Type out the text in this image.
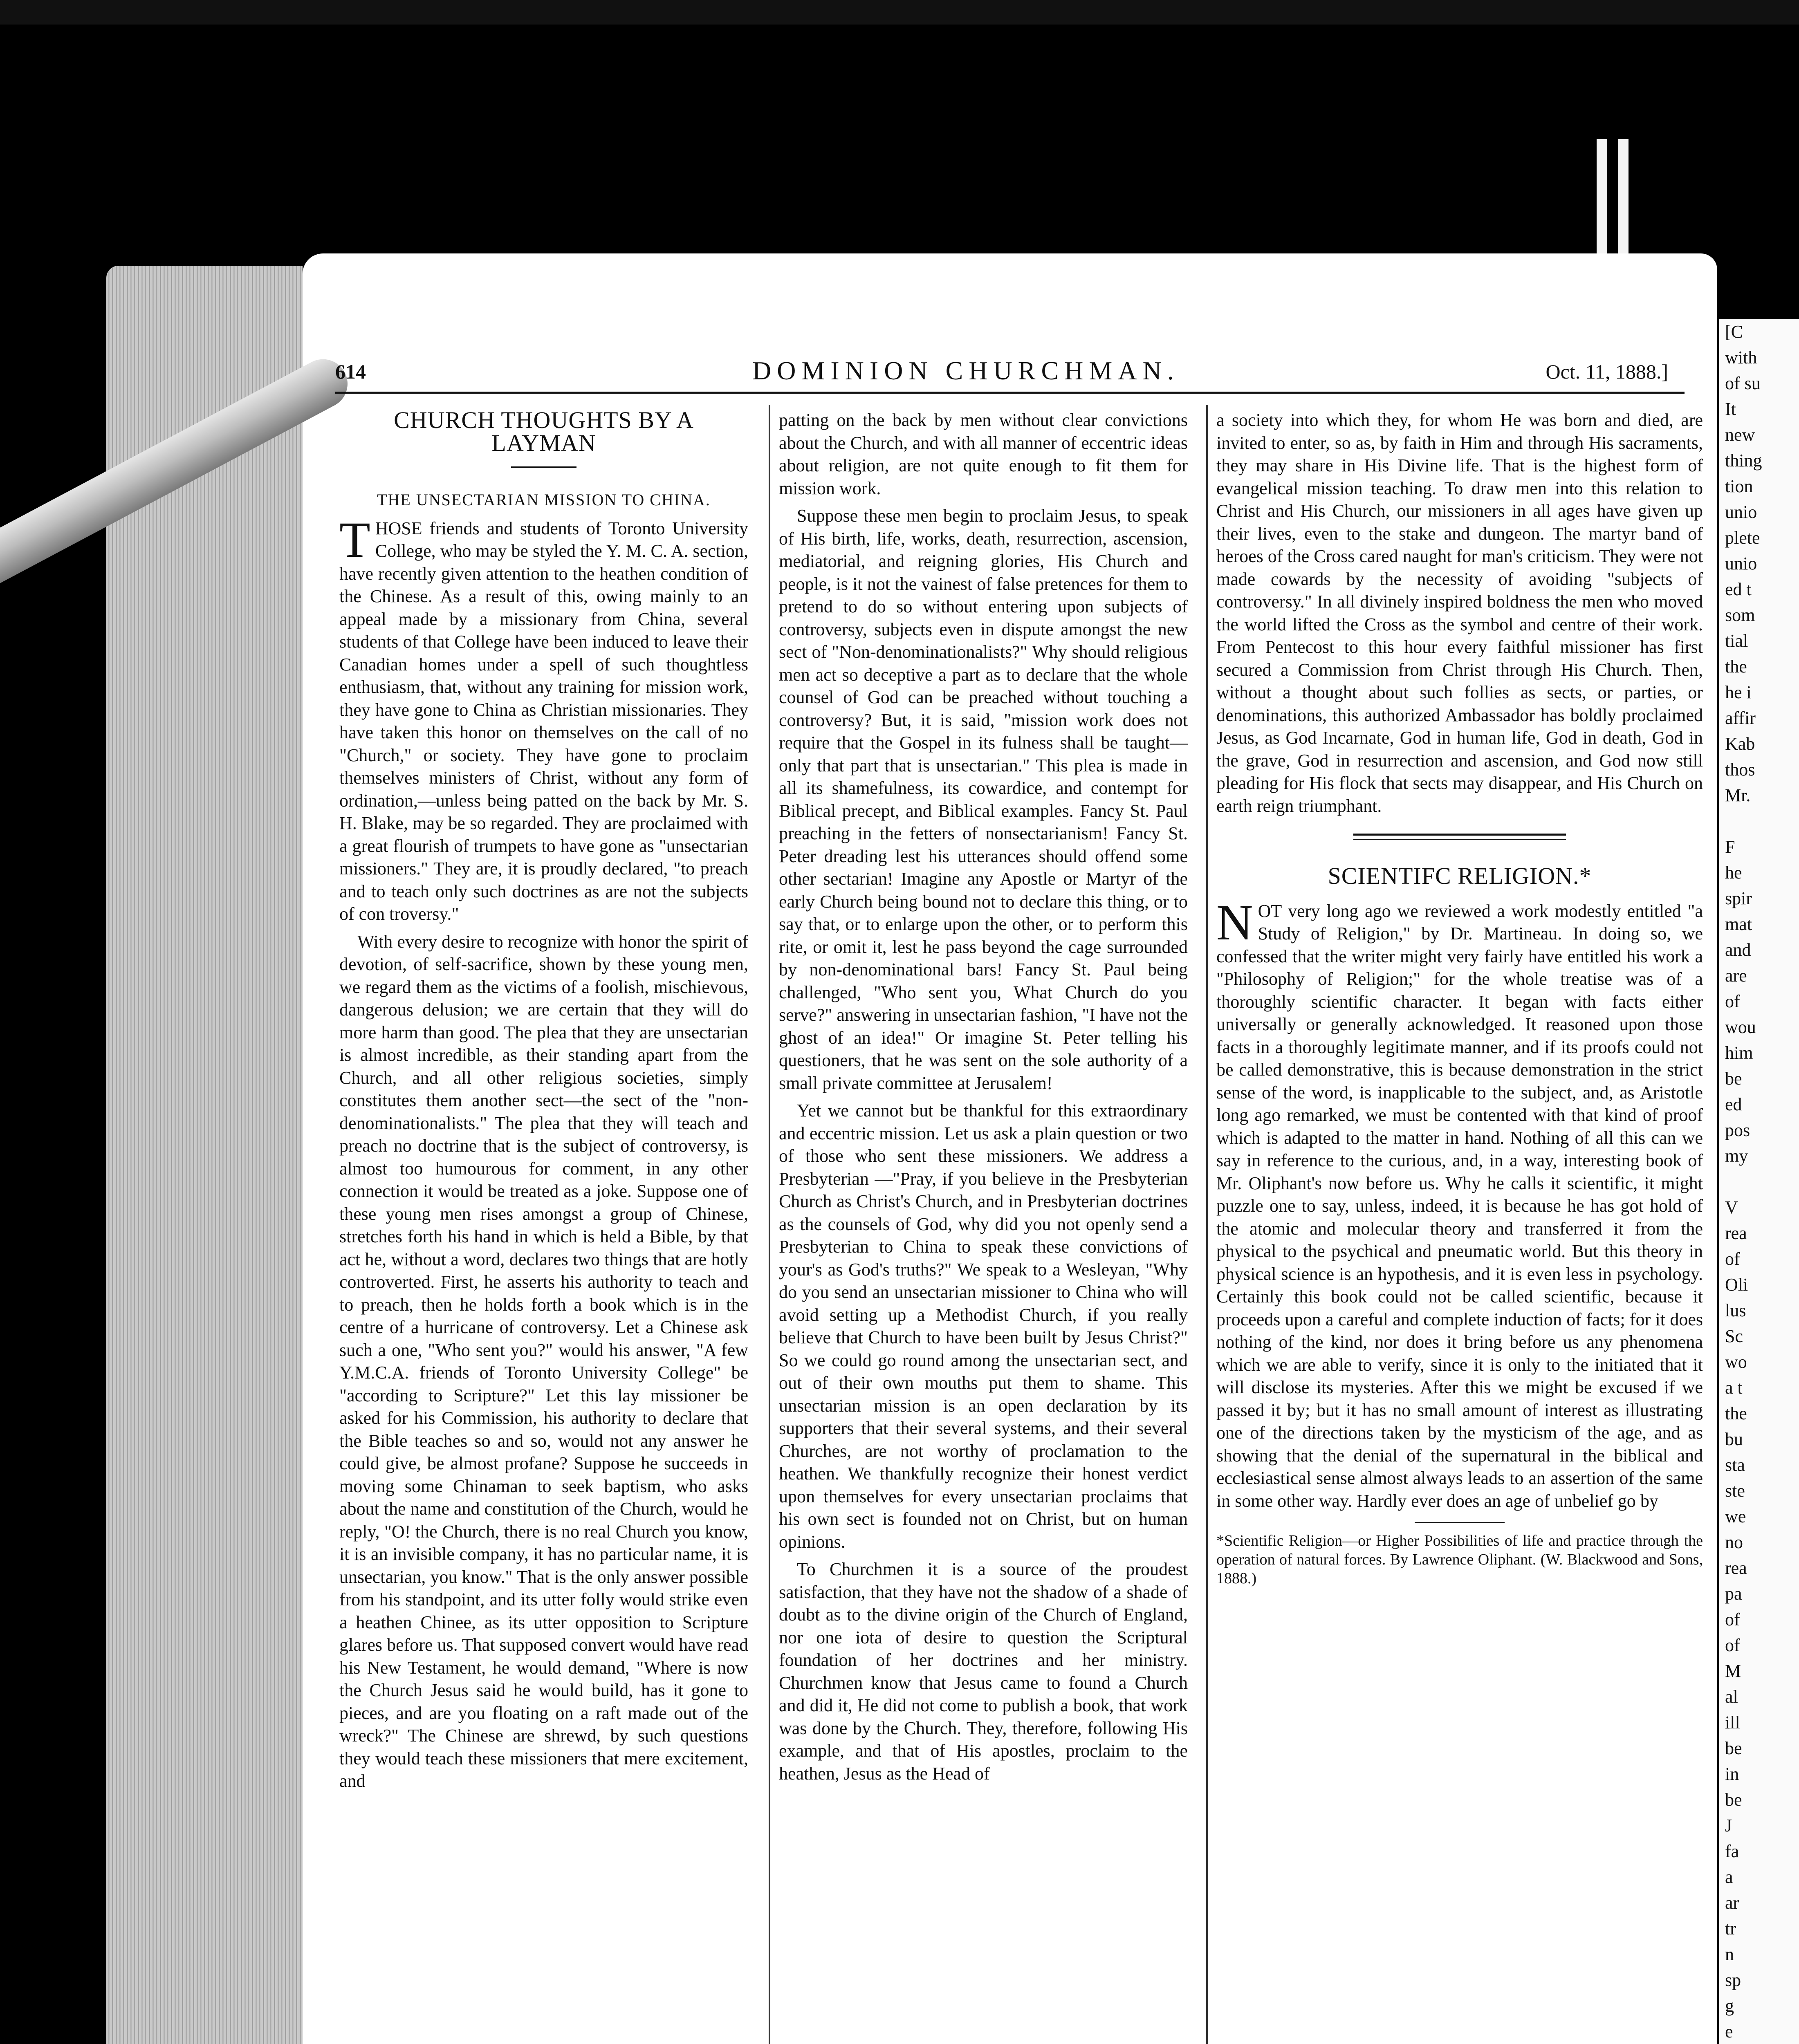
[C
with
of su
It
new
thing
tion
unio
plete
unio
ed t
som
tial
the
he i
affir
Kab
thos
Mr.

F
he
spir
mat
and
are
of
wou
him
be
ed
pos
my

V
rea
of
Oli
lus
Sc
wo
a t
the
bu
sta
ste
we
no
rea
pa
of
of
M
al
ill
be
in
be
J
fa
a
ar
tr
n
sp
g
e

614	DOMINION CHURCHMAN.	Oct. 11, 1888.]
CHURCH THOUGHTS BY A LAYMAN
THE UNSECTARIAN MISSION TO CHINA.

THOSE friends and students of Toronto University College, who may be styled the Y. M. C. A. section, have recently given attention to the heathen condition of the Chinese. As a result of this, owing mainly to an appeal made by a missionary from China, several students of that College have been induced to leave their Canadian homes under a spell of such thoughtless enthusiasm, that, without any training for mission work, they have gone to China as Christian missionaries. They have taken this honor on themselves on the call of no "Church," or society. They have gone to proclaim themselves ministers of Christ, without any form of ordination,—unless being patted on the back by Mr. S. H. Blake, may be so regarded. They are proclaimed with a great flourish of trumpets to have gone as "unsectarian missioners." They are, it is proudly declared, "to preach and to teach only such doctrines as are not the subjects of con troversy."

With every desire to recognize with honor the spirit of devotion, of self-sacrifice, shown by these young men, we regard them as the victims of a foolish, mischievous, dangerous delusion; we are certain that they will do more harm than good. The plea that they are unsectarian is almost incredible, as their standing apart from the Church, and all other religious societies, simply constitutes them another sect—the sect of the "non-denominationalists." The plea that they will teach and preach no doctrine that is the subject of controversy, is almost too humourous for comment, in any other connection it would be treated as a joke. Suppose one of these young men rises amongst a group of Chinese, stretches forth his hand in which is held a Bible, by that act he, without a word, declares two things that are hotly controverted. First, he asserts his authority to teach and to preach, then he holds forth a book which is in the centre of a hurricane of controversy. Let a Chinese ask such a one, "Who sent you?" would his answer, "A few Y.M.C.A. friends of Toronto University College" be "according to Scripture?" Let this lay missioner be asked for his Commission, his authority to declare that the Bible teaches so and so, would not any answer he could give, be almost profane? Suppose he succeeds in moving some Chinaman to seek baptism, who asks about the name and constitution of the Church, would he reply, "O! the Church, there is no real Church you know, it is an invisible company, it has no particular name, it is unsectarian, you know." That is the only answer possible from his standpoint, and its utter folly would strike even a heathen Chinee, as its utter opposition to Scripture glares before us. That supposed convert would have read his New Testament, he would demand, "Where is now the Church Jesus said he would build, has it gone to pieces, and are you floating on a raft made out of the wreck?" The Chinese are shrewd, by such questions they would teach these missioners that mere excitement, and

patting on the back by men without clear convictions about the Church, and with all manner of eccentric ideas about religion, are not quite enough to fit them for mission work.

Suppose these men begin to proclaim Jesus, to speak of His birth, life, works, death, resurrection, ascension, mediatorial, and reigning glories, His Church and people, is it not the vainest of false pretences for them to pretend to do so without entering upon subjects of controversy, subjects even in dispute amongst the new sect of "Non-denominationalists?" Why should religious men act so deceptive a part as to declare that the whole counsel of God can be preached without touching a controversy? But, it is said, "mission work does not require that the Gospel in its fulness shall be taught—only that part that is unsectarian." This plea is made in all its shamefulness, its cowardice, and contempt for Biblical precept, and Biblical examples. Fancy St. Paul preaching in the fetters of nonsectarianism! Fancy St. Peter dreading lest his utterances should offend some other sectarian! Imagine any Apostle or Martyr of the early Church being bound not to declare this thing, or to say that, or to enlarge upon the other, or to perform this rite, or omit it, lest he pass beyond the cage surrounded by non-denominational bars! Fancy St. Paul being challenged, "Who sent you, What Church do you serve?" answering in unsectarian fashion, "I have not the ghost of an idea!" Or imagine St. Peter telling his questioners, that he was sent on the sole authority of a small private committee at Jerusalem!

Yet we cannot but be thankful for this extraordinary and eccentric mission. Let us ask a plain question or two of those who sent these missioners. We address a Presbyterian —"Pray, if you believe in the Presbyterian Church as Christ's Church, and in Presbyterian doctrines as the counsels of God, why did you not openly send a Presbyterian to China to speak these convictions of your's as God's truths?" We speak to a Wesleyan, "Why do you send an unsectarian missioner to China who will avoid setting up a Methodist Church, if you really believe that Church to have been built by Jesus Christ?" So we could go round among the unsectarian sect, and out of their own mouths put them to shame. This unsectarian mission is an open declaration by its supporters that their several systems, and their several Churches, are not worthy of proclamation to the heathen. We thankfully recognize their honest verdict upon themselves for every unsectarian proclaims that his own sect is founded not on Christ, but on human opinions.

To Churchmen it is a source of the proudest satisfaction, that they have not the shadow of a shade of doubt as to the divine origin of the Church of England, nor one iota of desire to question the Scriptural foundation of her doctrines and her ministry. Churchmen know that Jesus came to found a Church and did it, He did not come to publish a book, that work was done by the Church. They, therefore, following His example, and that of His apostles, proclaim to the heathen, Jesus as the Head of

a society into which they, for whom He was born and died, are invited to enter, so as, by faith in Him and through His sacraments, they may share in His Divine life. That is the highest form of evangelical mission teaching. To draw men into this relation to Christ and His Church, our missioners in all ages have given up their lives, even to the stake and dungeon. The martyr band of heroes of the Cross cared naught for man's criticism. They were not made cowards by the necessity of avoiding "subjects of controversy." In all divinely inspired boldness the men who moved the world lifted the Cross as the symbol and centre of their work. From Pentecost to this hour every faithful missioner has first secured a Commission from Christ through His Church. Then, without a thought about such follies as sects, or parties, or denominations, this authorized Ambassador has boldly proclaimed Jesus, as God Incarnate, God in human life, God in death, God in the grave, God in resurrection and ascension, and God now still pleading for His flock that sects may disappear, and His Church on earth reign triumphant.

SCIENTIFC RELIGION.*

NOT very long ago we reviewed a work modestly entitled "a Study of Religion," by Dr. Martineau. In doing so, we confessed that the writer might very fairly have entitled his work a "Philosophy of Religion;" for the whole treatise was of a thoroughly scientific character. It began with facts either universally or generally acknowledged. It reasoned upon those facts in a thoroughly legitimate manner, and if its proofs could not be called demonstrative, this is because demonstration in the strict sense of the word, is inapplicable to the subject, and, as Aristotle long ago remarked, we must be contented with that kind of proof which is adapted to the matter in hand. Nothing of all this can we say in reference to the curious, and, in a way, interesting book of Mr. Oliphant's now before us. Why he calls it scientific, it might puzzle one to say, unless, indeed, it is because he has got hold of the atomic and molecular theory and transferred it from the physical to the psychical and pneumatic world. But this theory in physical science is an hypothesis, and it is even less in psychology. Certainly this book could not be called scientific, because it proceeds upon a careful and complete induction of facts; for it does nothing of the kind, nor does it bring before us any phenomena which we are able to verify, since it is only to the initiated that it will disclose its mysteries. After this we might be excused if we passed it by; but it has no small amount of interest as illustrating one of the directions taken by the mysticism of the age, and as showing that the denial of the supernatural in the biblical and ecclesiastical sense almost always leads to an assertion of the same in some other way. Hardly ever does an age of unbelief go by

*Scientific Religion—or Higher Possibilities of life and practice through the operation of natural forces. By Lawrence Oliphant. (W. Blackwood and Sons, 1888.)
